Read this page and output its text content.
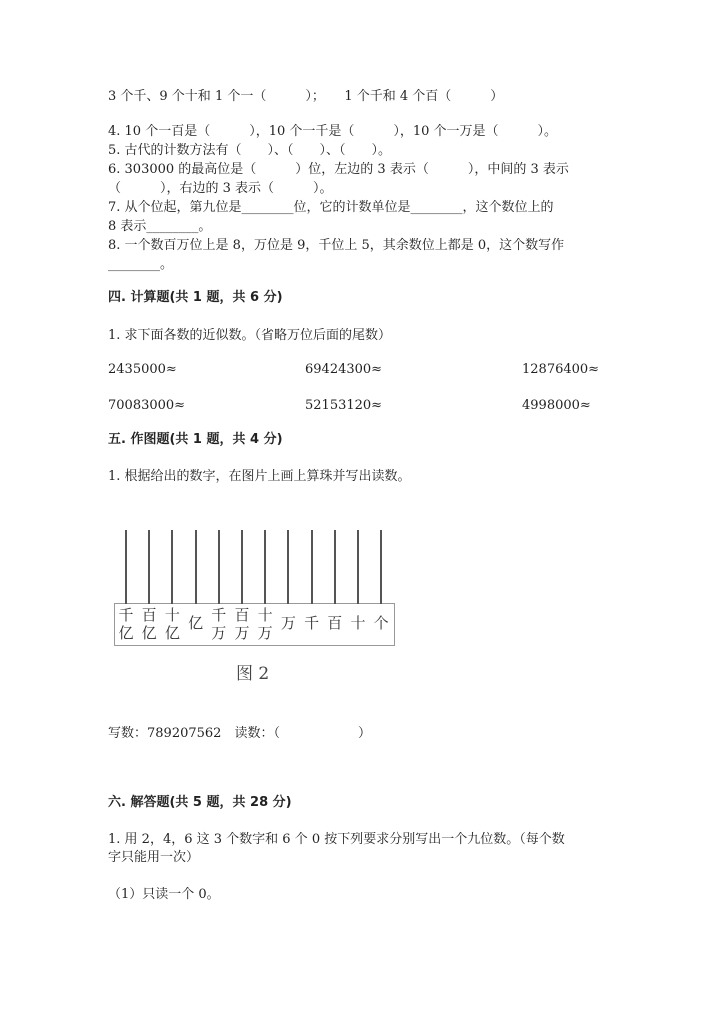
3 个千、9 个十和 1 个一（　　　）；　　1 个千和 4 个百（　　　）
4. 10 个一百是（　　　），10 个一千是（　　　），10 个一万是（　　　）。
5. 古代的计数方法有（　　）、（　　）、（　　）。
6. 303000 的最高位是（　　　）位，左边的 3 表示（　　　），中间的 3 表示
（　　　），右边的 3 表示（　　　）。
7. 从个位起，第九位是________位，它的计数单位是________，这个数位上的
8 表示________。
8. 一个数百万位上是 8，万位是 9，千位上 5，其余数位上都是 0，这个数写作
________。
四. 计算题(共 1 题，共 6 分)
1. 求下面各数的近似数。（省略万位后面的尾数）
2435000≈	69424300≈	12876400≈
70083000≈	52153120≈	4998000≈
五. 作图题(共 1 题，共 4 分)
1. 根据给出的数字，在图片上画上算珠并写出读数。
图 2
写数：789207562　读数：（　　　　　　）
六. 解答题(共 5 题，共 28 分)
1. 用 2，4，6 这 3 个数字和 6 个 0 按下列要求分别写出一个九位数。（每个数
字只能用一次）
（1）只读一个 0。
千
亿
百
亿
十
亿
亿 千
万
百
万
十
万
万 千 百 十 个
